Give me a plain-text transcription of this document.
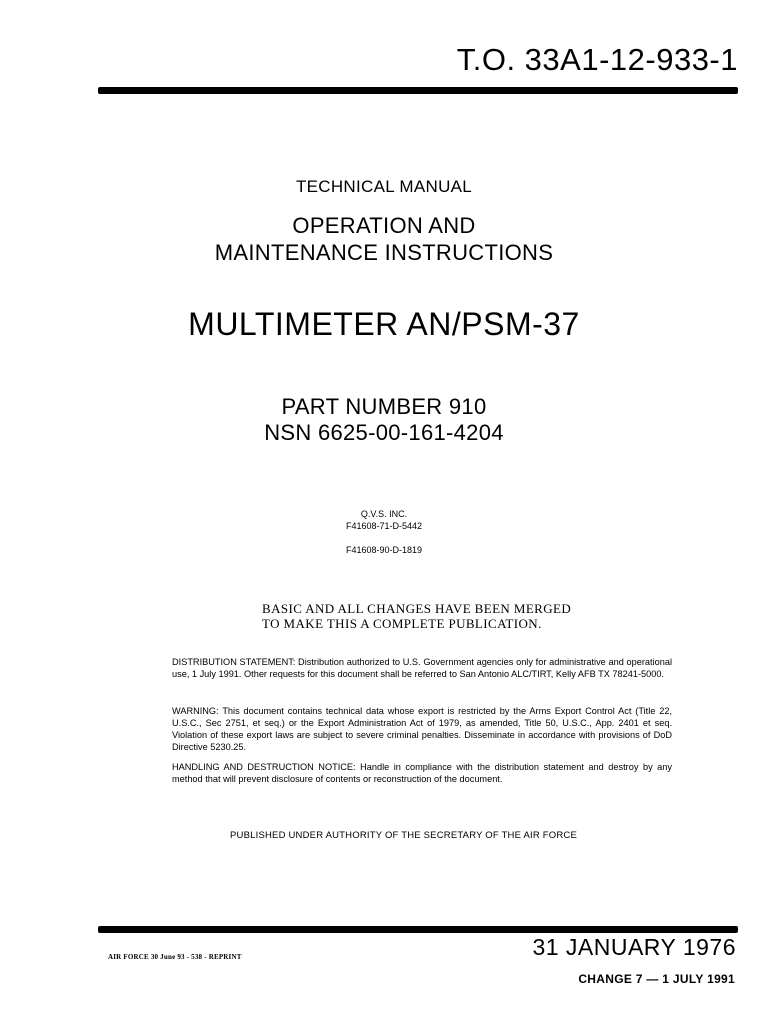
T.O. 33A1-12-933-1
TECHNICAL MANUAL
OPERATION AND
MAINTENANCE INSTRUCTIONS
MULTIMETER AN/PSM-37
PART NUMBER 910
NSN 6625-00-161-4204
Q.V.S. INC.
F41608-71-D-5442
F41608-90-D-1819
BASIC AND ALL CHANGES HAVE BEEN MERGED
TO MAKE THIS A COMPLETE PUBLICATION.
DISTRIBUTION STATEMENT: Distribution authorized to U.S. Government agencies only for administrative and operational use, 1 July 1991. Other requests for this document shall be referred to San Antonio ALC/TIRT, Kelly AFB TX 78241-5000.
WARNING: This document contains technical data whose export is restricted by the Arms Export Control Act (Title 22, U.S.C., Sec 2751, et seq.) or the Export Administration Act of 1979, as amended, Title 50, U.S.C., App. 2401 et seq. Violation of these export laws are subject to severe criminal penalties. Disseminate in accordance with provisions of DoD Directive 5230.25.
HANDLING AND DESTRUCTION NOTICE: Handle in compliance with the distribution statement and destroy by any method that will prevent disclosure of contents or reconstruction of the document.
PUBLISHED UNDER AUTHORITY OF THE SECRETARY OF THE AIR FORCE
AIR FORCE 30 June 93 - 538 - REPRINT	31 JANUARY 1976
CHANGE 7 — 1 JULY 1991
